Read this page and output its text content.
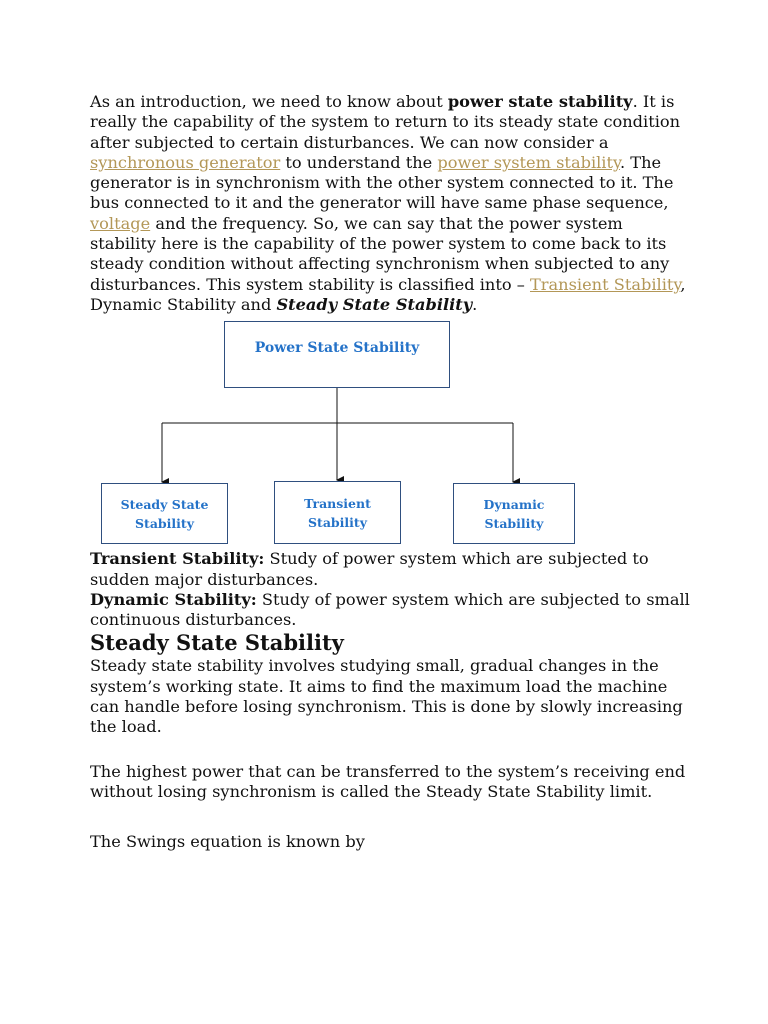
As an introduction, we need to know about power state stability. It is really the capability of the system to return to its steady state condition after subjected to certain disturbances. We can now consider a synchronous generator to understand the power system stability. The generator is in synchronism with the other system connected to it. The bus connected to it and the generator will have same phase sequence, voltage and the frequency. So, we can say that the power system stability here is the capability of the power system to come back to its steady condition without affecting synchronism when subjected to any disturbances. This system stability is classified into – Transient Stability, Dynamic Stability and Steady State Stability.

Power State Stability
Steady State
Stability
Transient
Stability
Dynamic
Stability

Transient Stability: Study of power system which are subjected to sudden major disturbances.

Dynamic Stability: Study of power system which are subjected to small continuous disturbances.

Steady State Stability

Steady state stability involves studying small, gradual changes in the system’s working state. It aims to find the maximum load the machine can handle before losing synchronism. This is done by slowly increasing the load.

The highest power that can be transferred to the system’s receiving end without losing synchronism is called the Steady State Stability limit.

The Swings equation is known by
